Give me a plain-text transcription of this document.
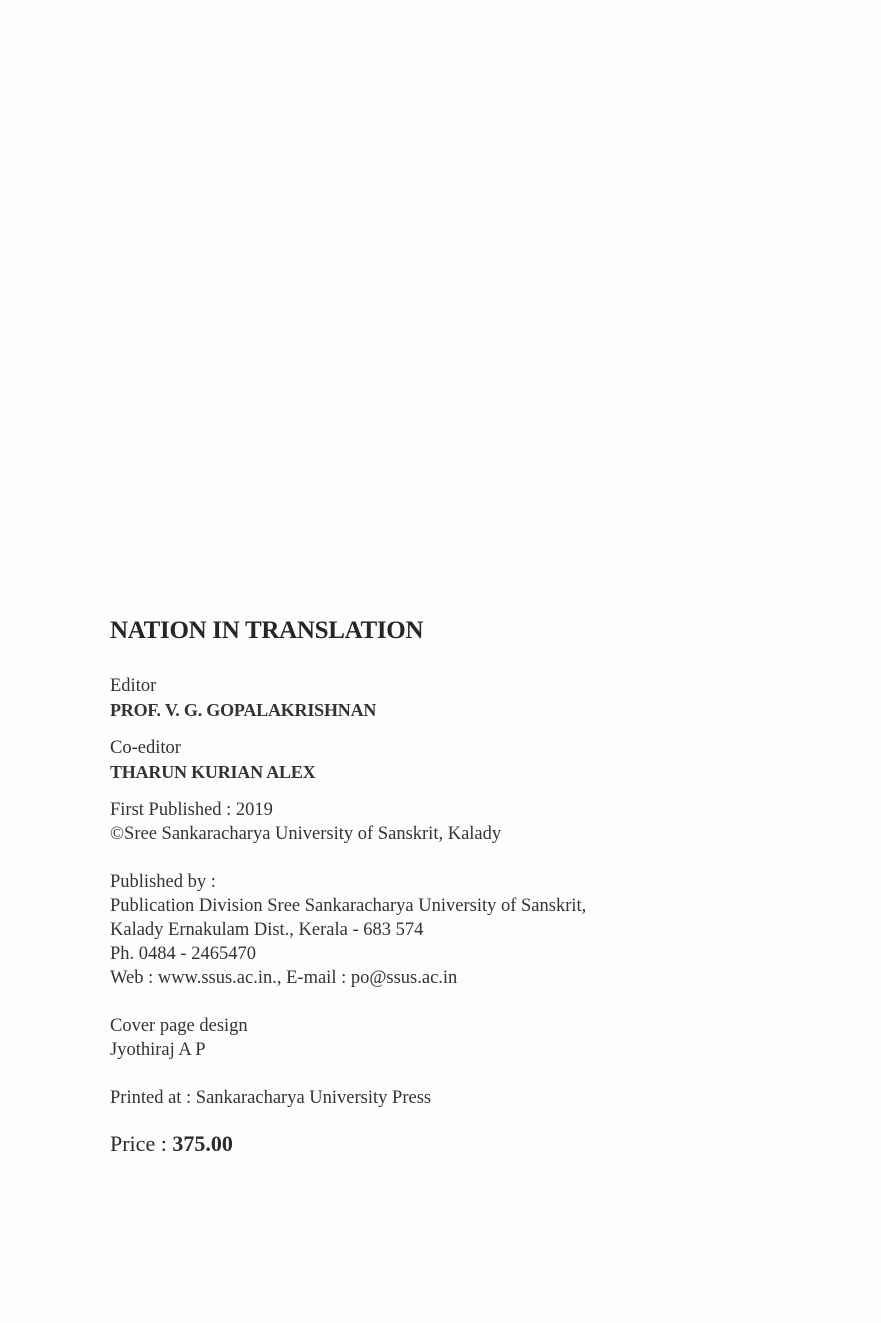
NATION IN TRANSLATION
Editor
PROF. V. G. GOPALAKRISHNAN
Co-editor
THARUN KURIAN ALEX
First Published : 2019
©Sree Sankaracharya University of Sanskrit, Kalady
Published by :
Publication Division Sree Sankaracharya University of Sanskrit,
Kalady Ernakulam Dist., Kerala - 683 574
Ph. 0484 - 2465470
Web : www.ssus.ac.in., E-mail : po@ssus.ac.in
Cover page design
Jyothiraj A P
Printed at : Sankaracharya University Press
Price : 375.00
